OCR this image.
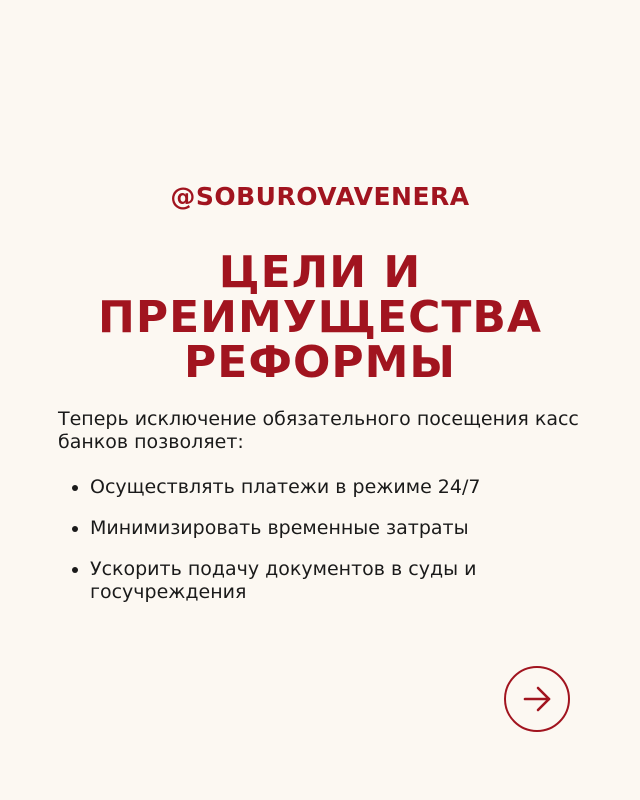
@SOBUROVAVENERA
ЦЕЛИ И
ПРЕИМУЩЕСТВА
РЕФОРМЫ

Теперь исключение обязательного посещения касс банков позволяет:

Осуществлять платежи в режиме 24/7
Минимизировать временные затраты
Ускорить подачу документов в суды и госучреждения
